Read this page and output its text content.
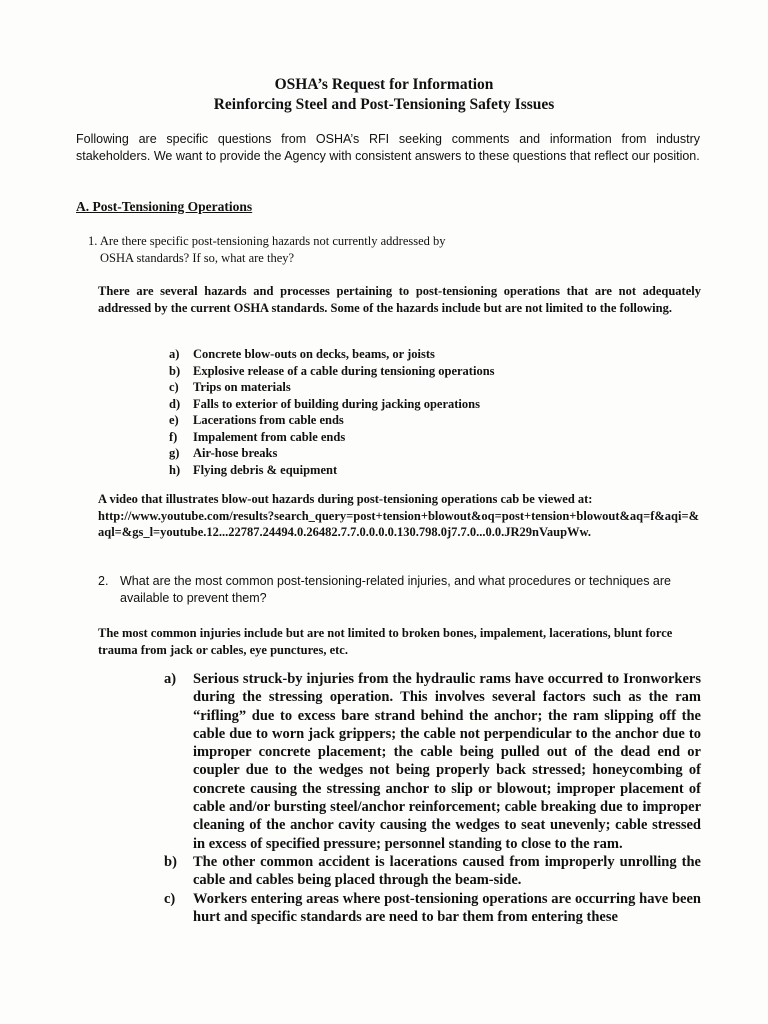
OSHA’s Request for Information
Reinforcing Steel and Post-Tensioning Safety Issues
Following are specific questions from OSHA’s RFI seeking comments and information from industry stakeholders. We want to provide the Agency with consistent answers to these questions that reflect our position.
A. Post-Tensioning Operations
1. Are there specific post-tensioning hazards not currently addressed by
OSHA standards? If so, what are they?
There are several hazards and processes pertaining to post-tensioning operations that are not adequately addressed by the current OSHA standards. Some of the hazards include but are not limited to the following.
a) Concrete blow-outs on decks, beams, or joists
b) Explosive release of a cable during tensioning operations
c) Trips on materials
d) Falls to exterior of building during jacking operations
e) Lacerations from cable ends
f) Impalement from cable ends
g) Air-hose breaks
h) Flying debris & equipment
A video that illustrates blow-out hazards during post-tensioning operations cab be viewed at:
http://www.youtube.com/results?search_query=post+tension+blowout&oq=post+tension+blowout&aq=f&aqi=&aql=&gs_l=youtube.12...22787.24494.0.26482.7.7.0.0.0.0.130.798.0j7.7.0...0.0.JR29nVaupWw.
2. What are the most common post-tensioning-related injuries, and what procedures or techniques are available to prevent them?
The most common injuries include but are not limited to broken bones, impalement, lacerations, blunt force trauma from jack or cables, eye punctures, etc.
a) Serious struck-by injuries from the hydraulic rams have occurred to Ironworkers during the stressing operation. This involves several factors such as the ram “rifling” due to excess bare strand behind the anchor; the ram slipping off the cable due to worn jack grippers; the cable not perpendicular to the anchor due to improper concrete placement; the cable being pulled out of the dead end or coupler due to the wedges not being properly back stressed; honeycombing of concrete causing the stressing anchor to slip or blowout; improper placement of cable and/or bursting steel/anchor reinforcement; cable breaking due to improper cleaning of the anchor cavity causing the wedges to seat unevenly; cable stressed in excess of specified pressure; personnel standing to close to the ram.
b) The other common accident is lacerations caused from improperly unrolling the cable and cables being placed through the beam-side.
c) Workers entering areas where post-tensioning operations are occurring have been hurt and specific standards are need to bar them from entering these
